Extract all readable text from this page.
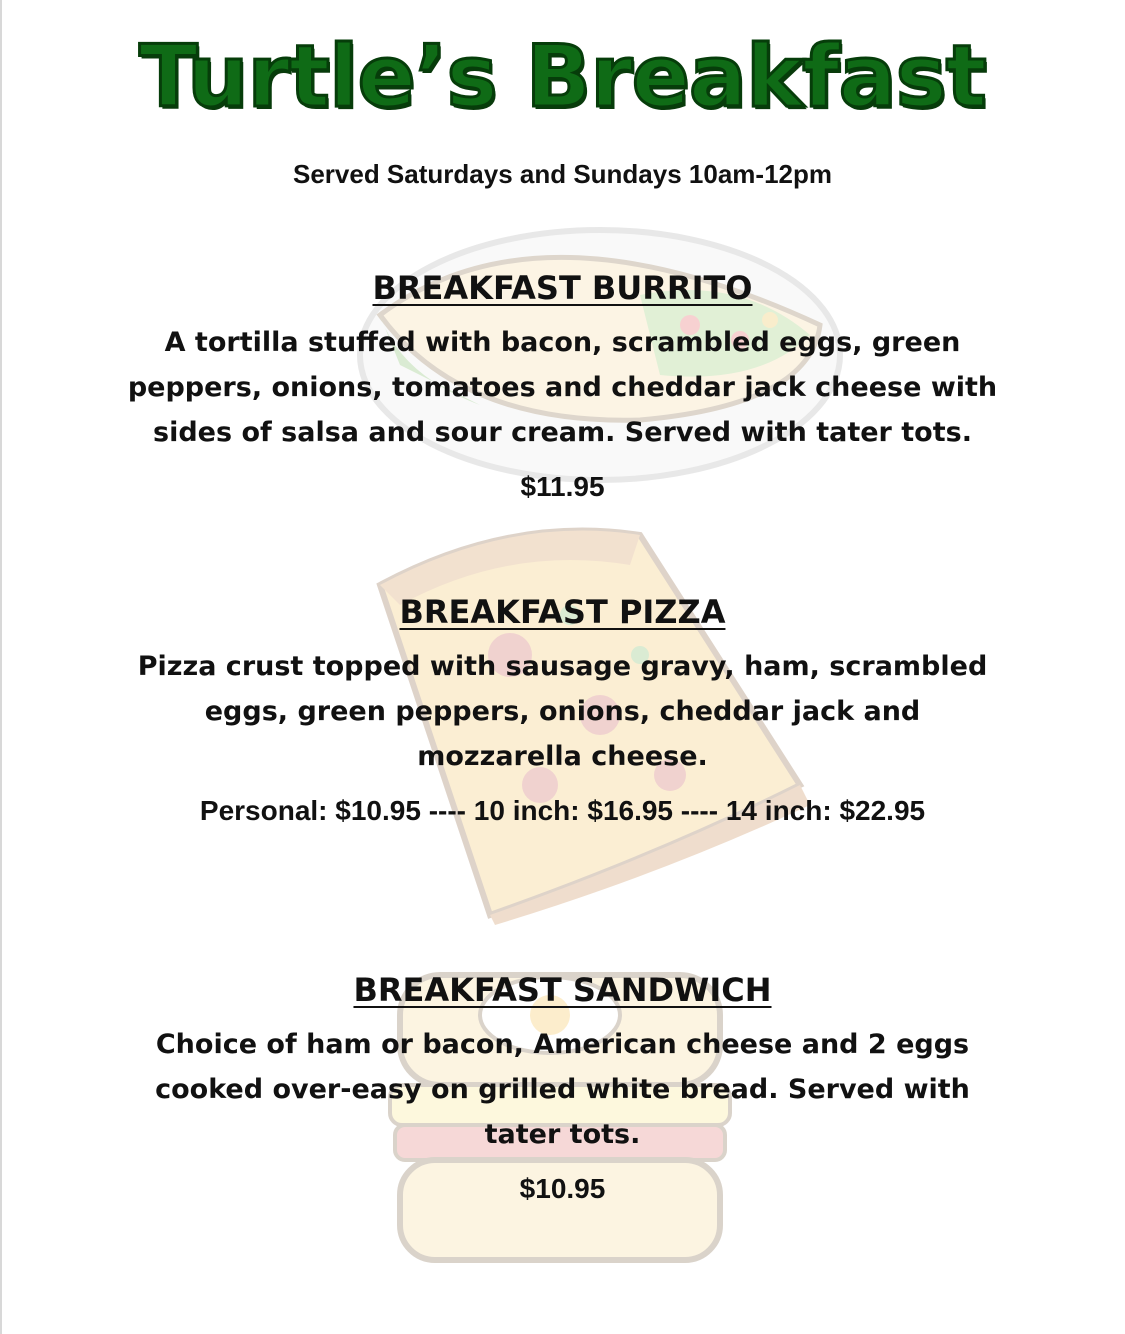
Turtle’s Breakfast
Served Saturdays and Sundays 10am-12pm
BREAKFAST BURRITO
A tortilla stuffed with bacon, scrambled eggs, green
peppers, onions, tomatoes and cheddar jack cheese with
sides of salsa and sour cream. Served with tater tots.
$11.95
BREAKFAST PIZZA
Pizza crust topped with sausage gravy, ham, scrambled
eggs, green peppers, onions, cheddar jack and
mozzarella cheese.
Personal: $10.95 ---- 10 inch: $16.95 ---- 14 inch: $22.95
BREAKFAST SANDWICH
Choice of ham or bacon, American cheese and 2 eggs
cooked over-easy on grilled white bread. Served with
tater tots.
$10.95
